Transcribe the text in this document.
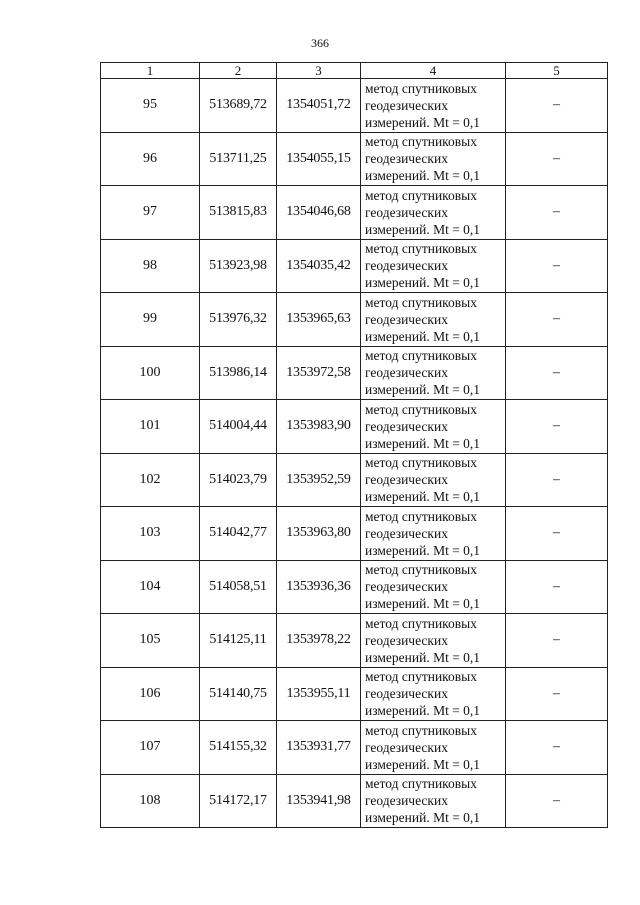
366
1	2	3	4	5
95	513689,72	1354051,72	метод спутниковых
геодезических
измерений. Mt = 0,1	–
96	513711,25	1354055,15	метод спутниковых
геодезических
измерений. Mt = 0,1	–
97	513815,83	1354046,68	метод спутниковых
геодезических
измерений. Mt = 0,1	–
98	513923,98	1354035,42	метод спутниковых
геодезических
измерений. Mt = 0,1	–
99	513976,32	1353965,63	метод спутниковых
геодезических
измерений. Mt = 0,1	–
100	513986,14	1353972,58	метод спутниковых
геодезических
измерений. Mt = 0,1	–
101	514004,44	1353983,90	метод спутниковых
геодезических
измерений. Mt = 0,1	–
102	514023,79	1353952,59	метод спутниковых
геодезических
измерений. Mt = 0,1	–
103	514042,77	1353963,80	метод спутниковых
геодезических
измерений. Mt = 0,1	–
104	514058,51	1353936,36	метод спутниковых
геодезических
измерений. Mt = 0,1	–
105	514125,11	1353978,22	метод спутниковых
геодезических
измерений. Mt = 0,1	–
106	514140,75	1353955,11	метод спутниковых
геодезических
измерений. Mt = 0,1	–
107	514155,32	1353931,77	метод спутниковых
геодезических
измерений. Mt = 0,1	–
108	514172,17	1353941,98	метод спутниковых
геодезических
измерений. Mt = 0,1	–
